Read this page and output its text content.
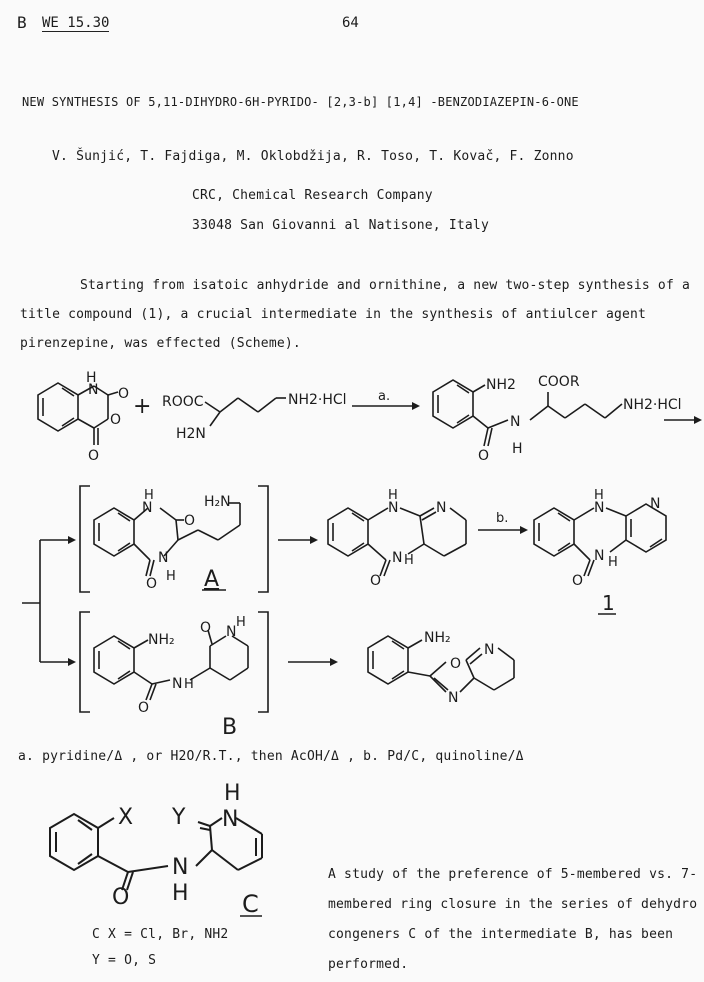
B WE 15.30	64
NEW SYNTHESIS OF 5,11-DIHYDRO-6H-PYRIDO- [2,3-b] [1,4] -BENZODIAZEPIN-6-ONE
V. Šunjić, T. Fajdiga, M. Oklobdžija, R. Toso, T. Kovač, F. Zonno
CRC, Chemical Research Company
33048 San Giovanni al Natisone, Italy
Starting from isatoic anhydride and ornithine, a new two-step synthesis of a title compound (1), a crucial intermediate in the synthesis of antiulcer agent pirenzepine, was effected (Scheme).
H
N O
O
O
+ ROOC	NH2·HCl
H2N
a.
NH2 COOR
NH2·HCl
N
H
O
H
N
O
O
N
H
H₂N
A
H
N	N
N H
O
b.
H
N	N
N H
O
1
NH₂
O N
H
N H
O
B
NH₂
O
N
N
X Y
H
N
N
H
O	C
a. pyridine/Δ , or H2O/R.T., then AcOH/Δ , b. Pd/C, quinoline/Δ
C X = Cl, Br, NH2
Y = O, S
A study of the preference of 5-membered vs. 7-membered ring closure in the series of dehydro congeners C of the intermediate B, has been performed.
